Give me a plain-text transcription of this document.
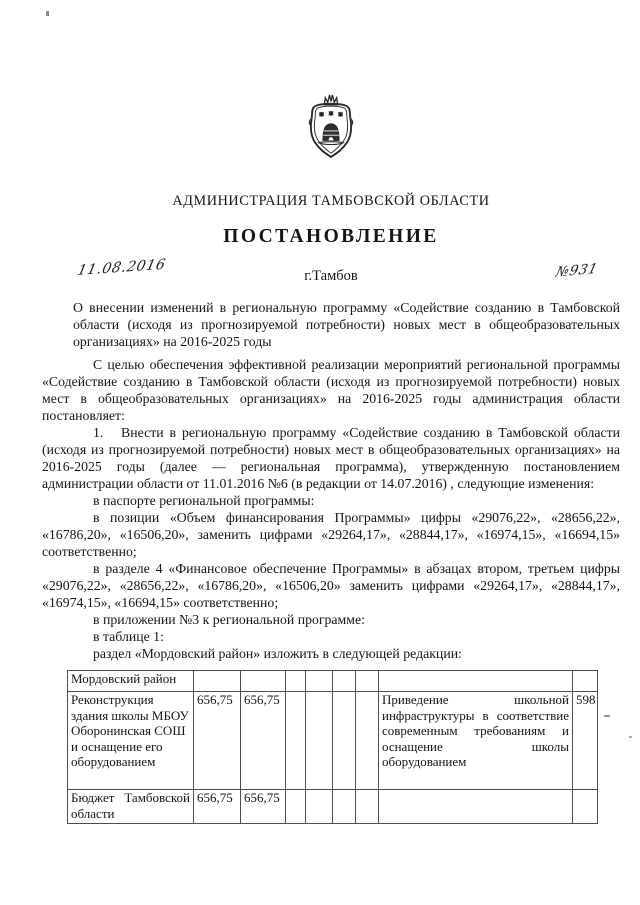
АДМИНИСТРАЦИЯ ТАМБОВСКОЙ ОБЛАСТИ
ПОСТАНОВЛЕНИЕ
11.08.2016	г.Тамбов	№931
О внесении изменений в региональную программу «Содействие созданию в Тамбовской области (исходя из прогнозируемой потребности) новых мест в общеобразовательных организациях» на 2016-2025 годы

С целью обеспечения эффективной реализации мероприятий региональной программы «Содействие созданию в Тамбовской области (исходя из прогнозируемой потребности) новых мест в общеобразовательных организациях» на 2016-2025 годы администрация области постановляет:

1.   Внести в региональную программу «Содействие созданию в Тамбовской области (исходя из прогнозируемой потребности) новых мест в общеобразовательных организациях» на 2016-2025 годы (далее — региональная программа), утвержденную постановлением администрации области от 11.01.2016 №6 (в редакции от 14.07.2016) , следующие изменения:

в паспорте региональной программы:

в позиции «Объем финансирования Программы» цифры «29076,22», «28656,22», «16786,20», «16506,20», заменить цифрами «29264,17», «28844,17», «16974,15», «16694,15» соответственно;

в разделе 4 «Финансовое обеспечение Программы» в абзацах втором, третьем цифры «29076,22», «28656,22», «16786,20», «16506,20» заменить цифрами «29264,17», «28844,17», «16974,15», «16694,15» соответственно;

в приложении №3 к региональной программе:

в таблице 1:

раздел «Мордовский район» изложить в следующей редакции:

Мордовский район								
Реконструкция здания школы МБОУ Оборонинская СОШ и оснащение его оборудованием	656,75	656,75					Приведение школьной инфраструктуры в соответствие современным требованиям и оснащение школы оборудованием	598
Бюджет Тамбовской области	656,75	656,75						
